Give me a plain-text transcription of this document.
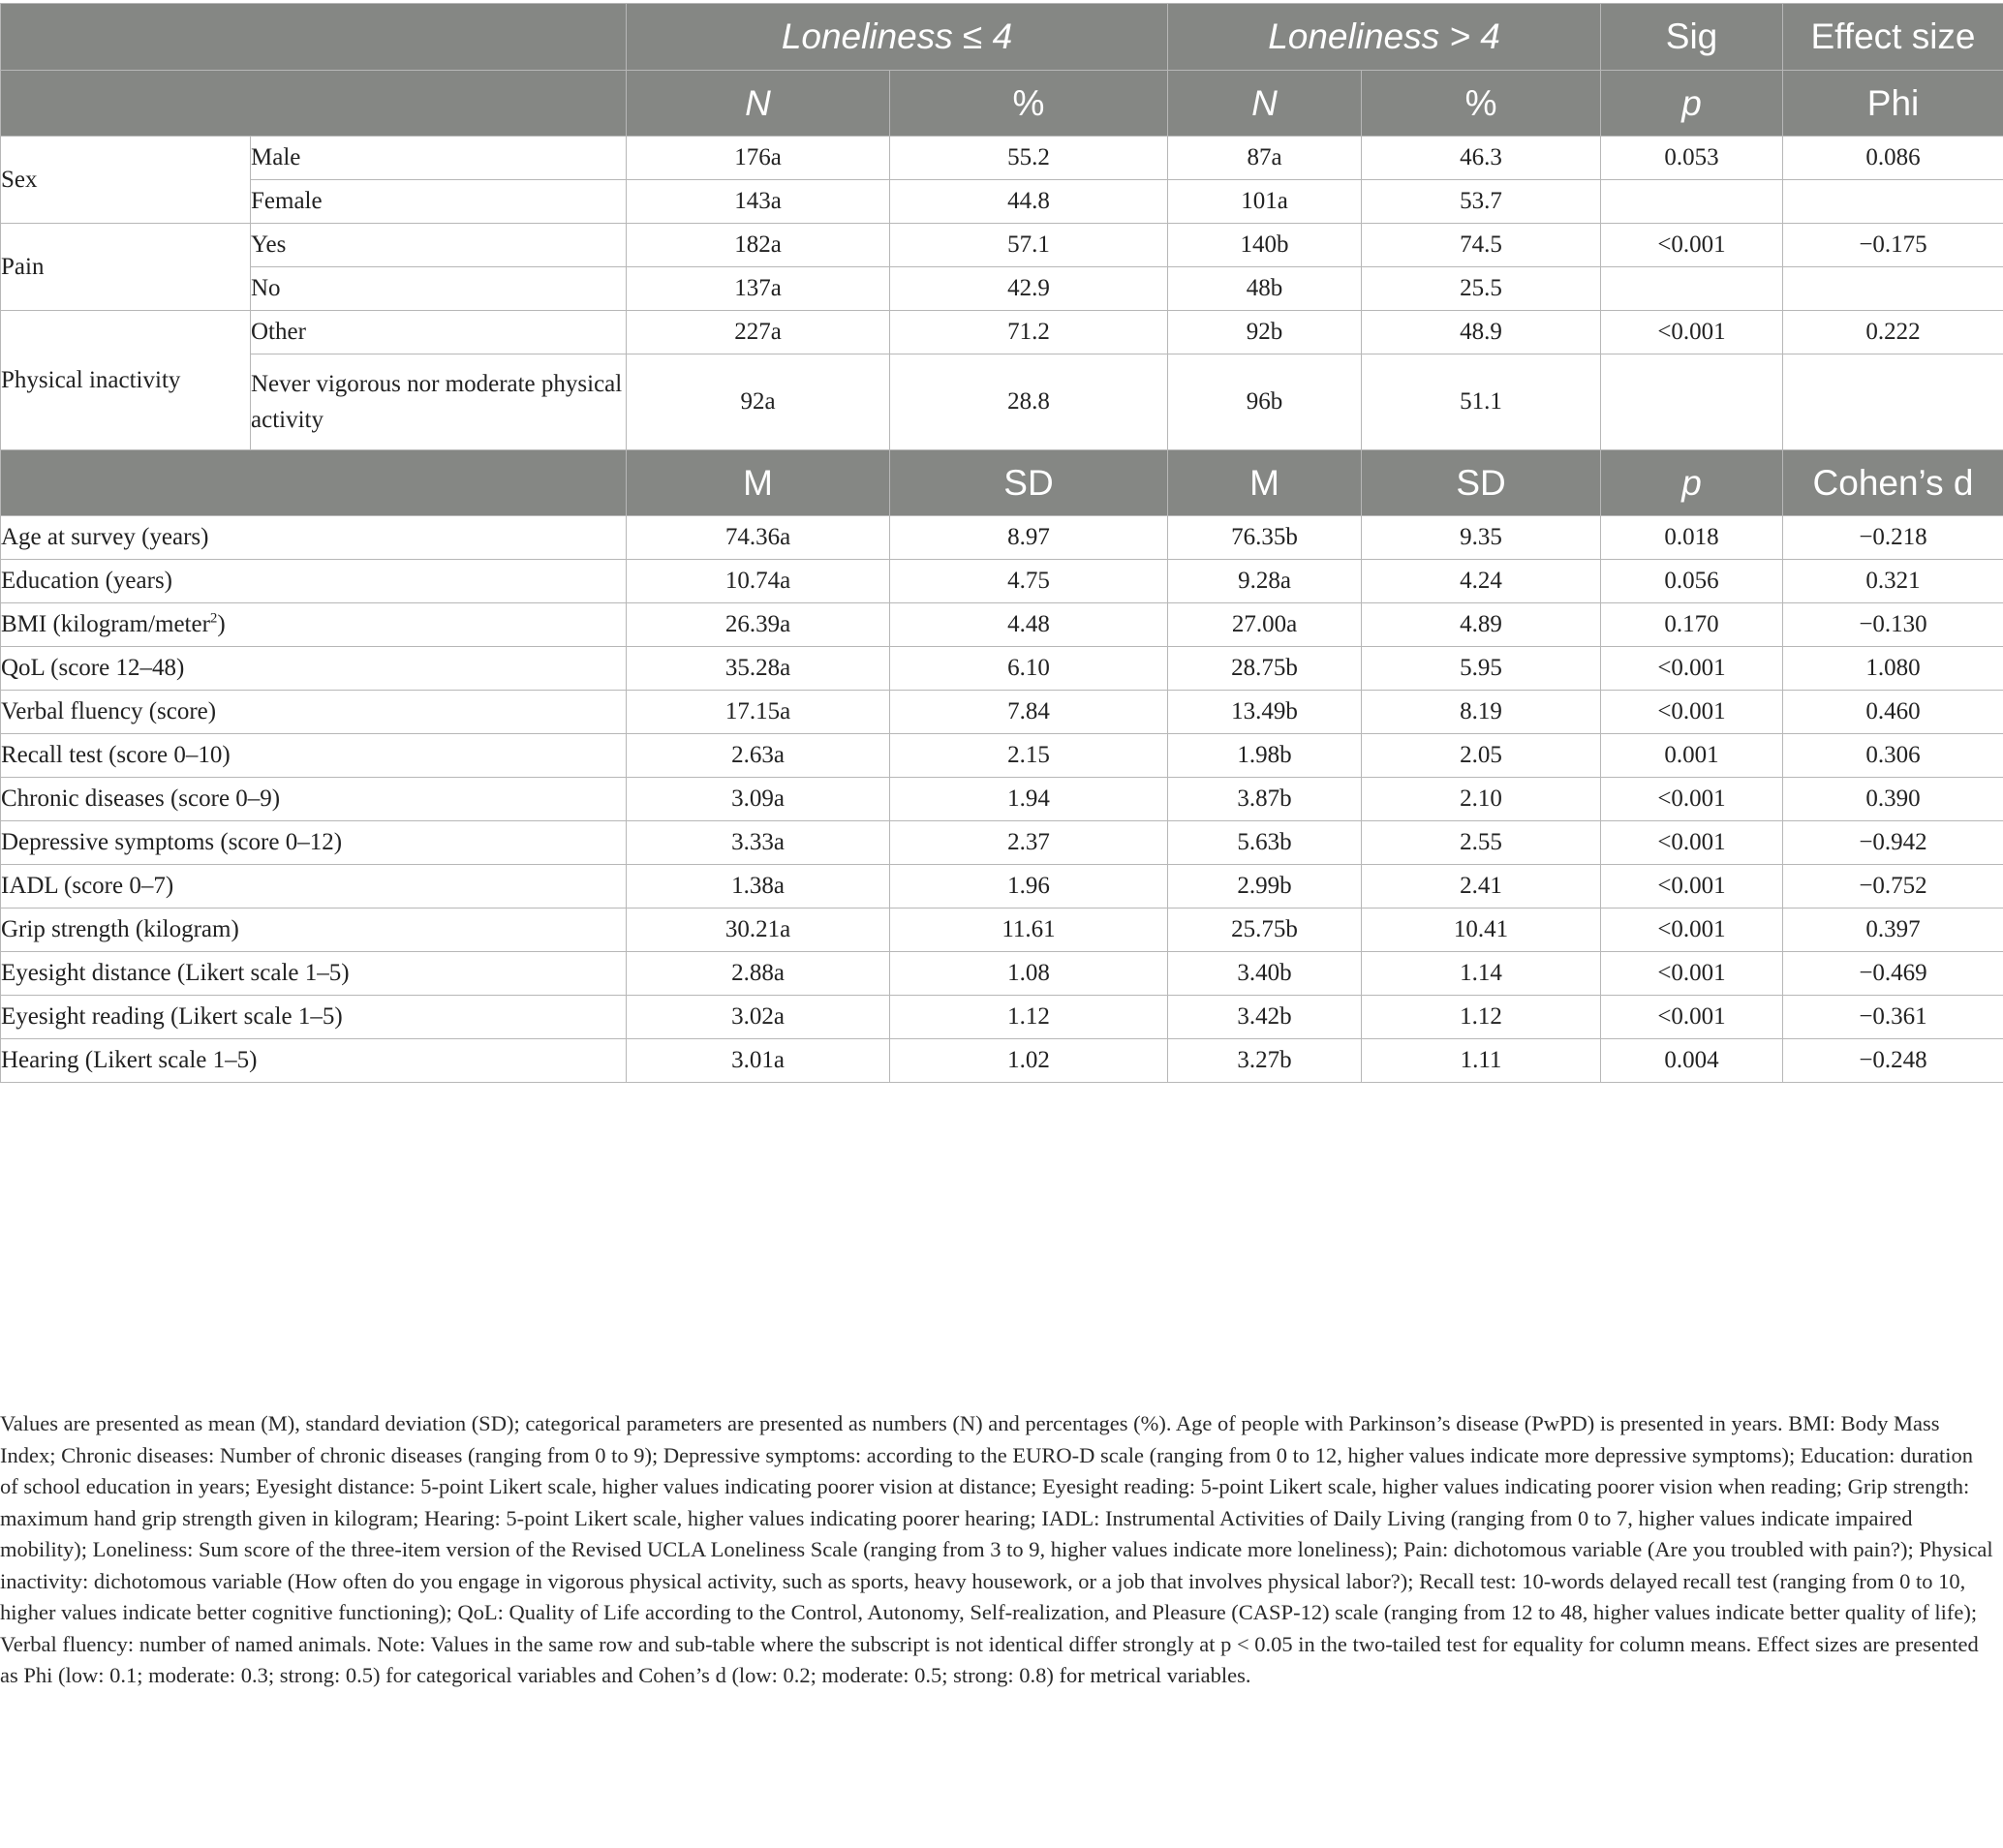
		Loneliness ≤ 4		Loneliness > 4		Sig	Effect size
		N	%	N	%	p	Phi
Sex	Male	176a	55.2	87a	46.3	0.053	0.086
	Female	143a	44.8	101a	53.7		
Pain	Yes	182a	57.1	140b	74.5	<0.001	−0.175
	No	137a	42.9	48b	25.5		
Physical inactivity	Other	227a	71.2	92b	48.9	<0.001	0.222
	Never vigorous nor moderate physical activity	92a	28.8	96b	51.1		
		M	SD	M	SD	p	Cohen’s d
Age at survey (years)		74.36a	8.97	76.35b	9.35	0.018	−0.218
Education (years)		10.74a	4.75	9.28a	4.24	0.056	0.321
BMI (kilogram/meter$^2$)		26.39a	4.48	27.00a	4.89	0.170	−0.130
QoL (score 12–48)		35.28a	6.10	28.75b	5.95	<0.001	1.080
Verbal fluency (score)		17.15a	7.84	13.49b	8.19	<0.001	0.460
Recall test (score 0–10)		2.63a	2.15	1.98b	2.05	0.001	0.306
Chronic diseases (score 0–9)		3.09a	1.94	3.87b	2.10	<0.001	0.390
Depressive symptoms (score 0–12)		3.33a	2.37	5.63b	2.55	<0.001	−0.942
IADL (score 0–7)		1.38a	1.96	2.99b	2.41	<0.001	−0.752
Grip strength (kilogram)		30.21a	11.61	25.75b	10.41	<0.001	0.397
Eyesight distance (Likert scale 1–5)		2.88a	1.08	3.40b	1.14	<0.001	−0.469
Eyesight reading (Likert scale 1–5)		3.02a	1.12	3.42b	1.12	<0.001	−0.361
Hearing (Likert scale 1–5)		3.01a	1.02	3.27b	1.11	0.004	−0.248
Values are presented as mean (M), standard deviation (SD); categorical parameters are presented as numbers (N) and percentages (%). Age of people with Parkinson’s disease (PwPD) is presented in years. BMI: Body Mass Index; Chronic diseases: Number of chronic diseases (ranging from 0 to 9); Depressive symptoms: according to the EURO-D scale (ranging from 0 to 12, higher values indicate more depressive symptoms); Education: duration of school education in years; Eyesight distance: 5-point Likert scale, higher values indicating poorer vision at distance; Eyesight reading: 5-point Likert scale, higher values indicating poorer vision when reading; Grip strength: maximum hand grip strength given in kilogram; Hearing: 5-point Likert scale, higher values indicating poorer hearing; IADL: Instrumental Activities of Daily Living (ranging from 0 to 7, higher values indicate impaired mobility); Loneliness: Sum score of the three-item version of the Revised UCLA Loneliness Scale (ranging from 3 to 9, higher values indicate more loneliness); Pain: dichotomous variable (Are you troubled with pain?); Physical inactivity: dichotomous variable (How often do you engage in vigorous physical activity, such as sports, heavy housework, or a job that involves physical labor?); Recall test: 10-words delayed recall test (ranging from 0 to 10, higher values indicate better cognitive functioning); QoL: Quality of Life according to the Control, Autonomy, Self-realization, and Pleasure (CASP-12) scale (ranging from 12 to 48, higher values indicate better quality of life); Verbal fluency: number of named animals. Note: Values in the same row and sub-table where the subscript is not identical differ strongly at p < 0.05 in the two-tailed test for equality for column means. Effect sizes are presented as Phi (low: 0.1; moderate: 0.3; strong: 0.5) for categorical variables and Cohen’s d (low: 0.2; moderate: 0.5; strong: 0.8) for metrical variables.
